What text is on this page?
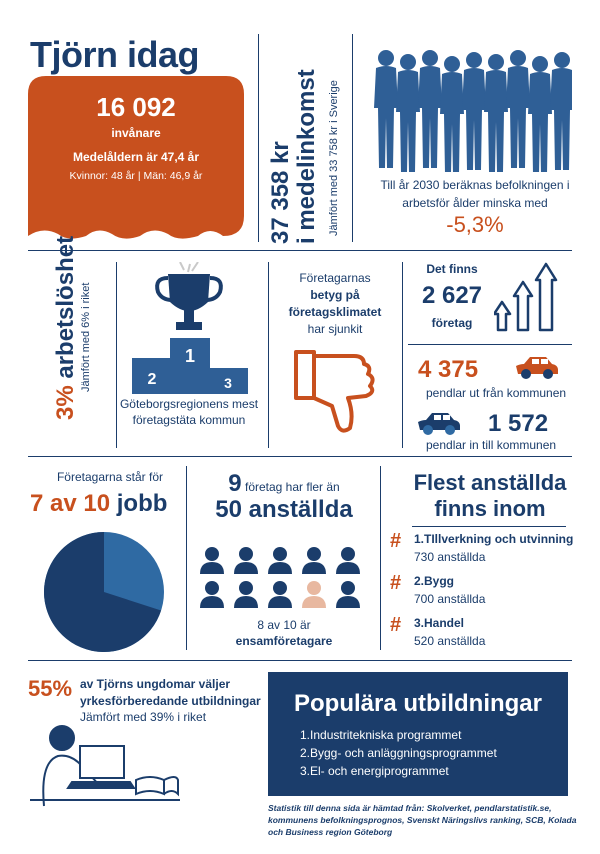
Tjörn idag
16 092
invånare
Medelåldern är 47,4 år
Kvinnor: 48 år | Män: 46,9 år	37 358 kr i medelinkomst Jämfört med 33 758 kr i Sverige	Till år 2030 beräknas befolkningen i arbetsför ålder minska med
-5,3%
3% arbetslöshet Jämfört med 6% i riket	1
2	3
Göteborgsregionens mest företagstäta kommun
Företagarnas
betyg på
företagsklimatet
har sjunkit
Det finns
2 627
företag
4 375
pendlar ut från kommunen
1 572
pendlar in till kommunen
Företagarna står för
7 av 10 jobb
9 företag har fler än
50 anställda
8 av 10 är
ensamföretagare
Flest anställda
finns inom
# 1.TIllverkning och utvinning
730 anställda
# 2.Bygg
700 anställda
# 3.Handel
520 anställda
55% av Tjörns ungdomar väljer
yrkesförberedande utbildningar
Jämfört med 39% i riket	Populära utbildningar
1.Industritekniska programmet
2.Bygg- och anläggningsprogrammet
3.El- och energiprogrammet
Statistik till denna sida är hämtad från: Skolverket, pendlarstatistik.se,
kommunens befolkningsprognos, Svenskt Näringslivs ranking, SCB, Kolada
och Business region Göteborg
